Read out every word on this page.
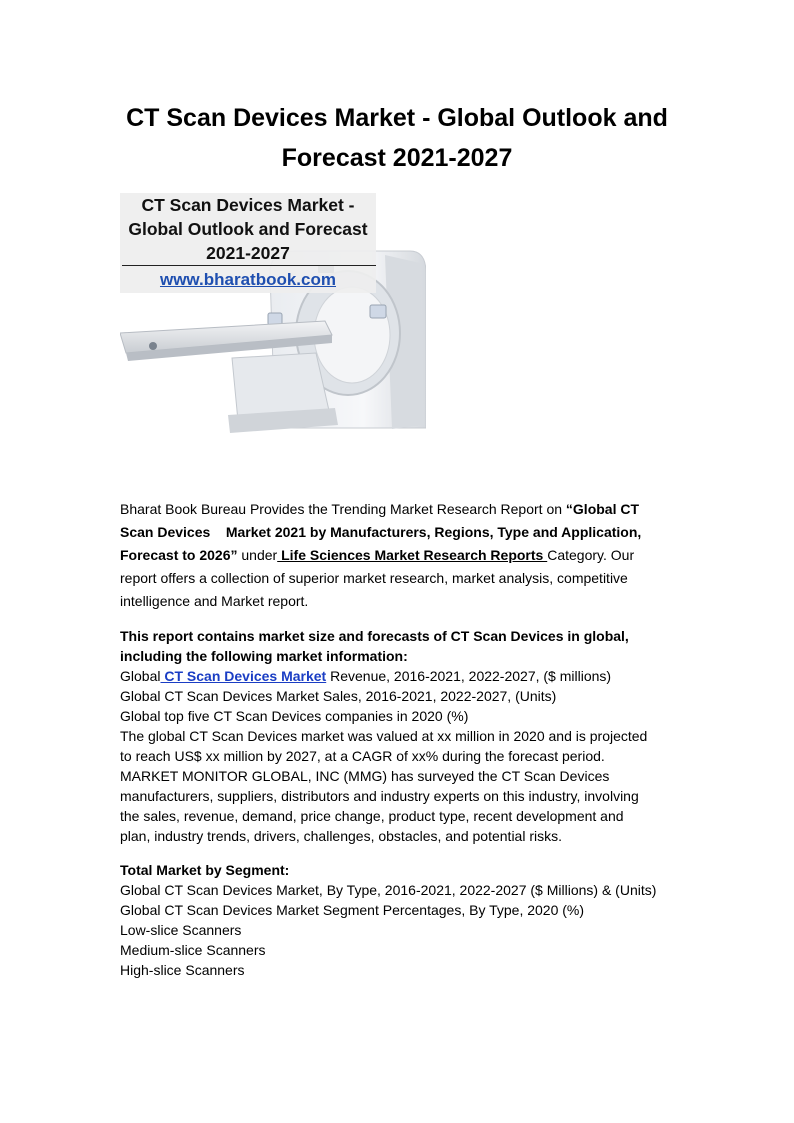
CT Scan Devices Market - Global Outlook and
Forecast 2021-2027
CT Scan Devices Market -
Global Outlook and Forecast
2021-2027
www.bharatbook.com
Bharat Book Bureau Provides the Trending Market Research Report on “Global CT
Scan Devices    Market 2021 by Manufacturers, Regions, Type and Application,
Forecast to 2026” under Life Sciences Market Research Reports Category. Our
report offers a collection of superior market research, market analysis, competitive
intelligence and Market report.
This report contains market size and forecasts of CT Scan Devices in global,
including the following market information:
Global CT Scan Devices Market Revenue, 2016-2021, 2022-2027, ($ millions)
Global CT Scan Devices Market Sales, 2016-2021, 2022-2027, (Units)
Global top five CT Scan Devices companies in 2020 (%)
The global CT Scan Devices market was valued at xx million in 2020 and is projected
to reach US$ xx million by 2027, at a CAGR of xx% during the forecast period.
MARKET MONITOR GLOBAL, INC (MMG) has surveyed the CT Scan Devices
manufacturers, suppliers, distributors and industry experts on this industry, involving
the sales, revenue, demand, price change, product type, recent development and
plan, industry trends, drivers, challenges, obstacles, and potential risks.
Total Market by Segment:
Global CT Scan Devices Market, By Type, 2016-2021, 2022-2027 ($ Millions) & (Units)
Global CT Scan Devices Market Segment Percentages, By Type, 2020 (%)
Low-slice Scanners
Medium-slice Scanners
High-slice Scanners
